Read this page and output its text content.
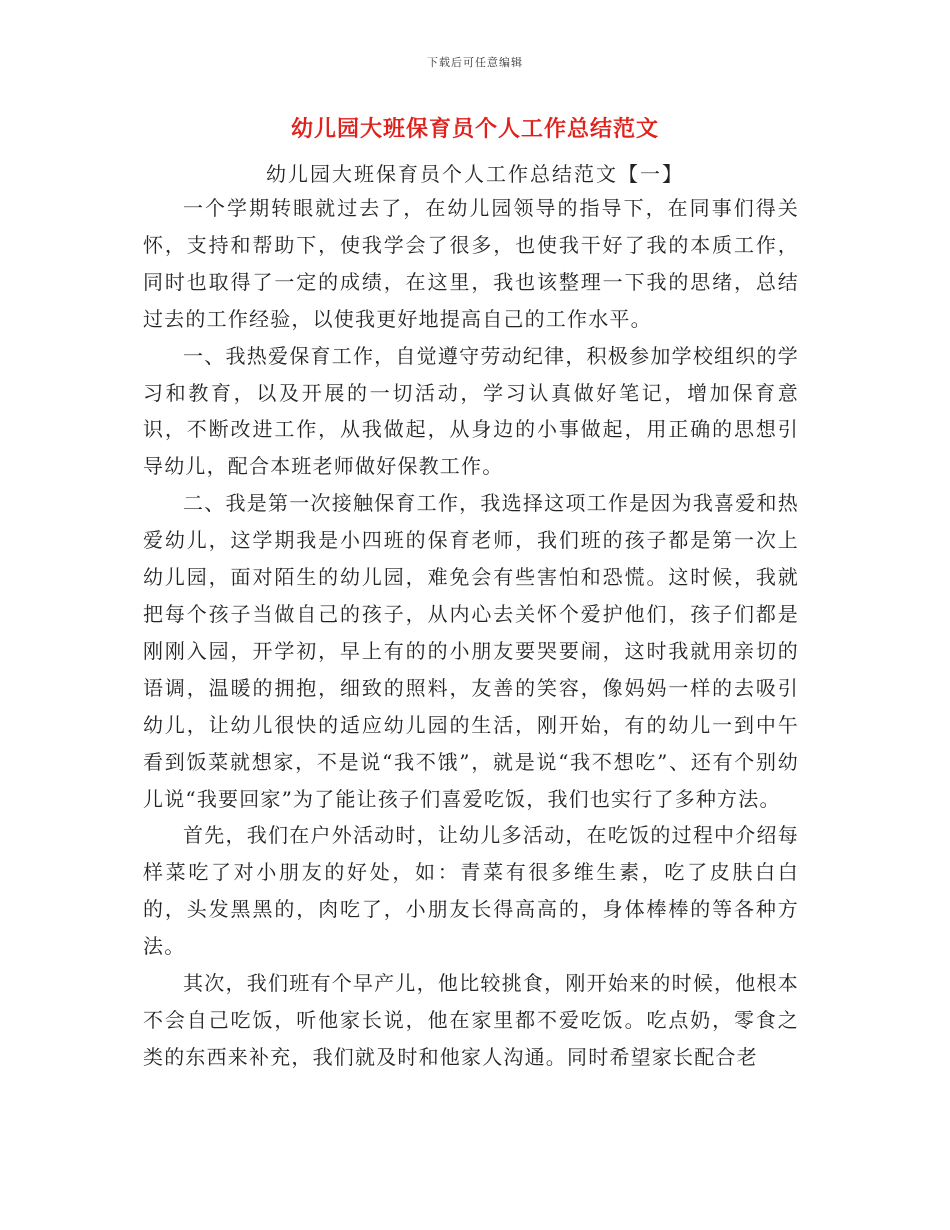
下载后可任意编辑
幼儿园大班保育员个人工作总结范文
幼儿园大班保育员个人工作总结范文【一】

一个学期转眼就过去了，在幼儿园领导的指导下，在同事们得关怀，支持和帮助下，使我学会了很多，也使我干好了我的本质工作，同时也取得了一定的成绩，在这里，我也该整理一下我的思绪，总结过去的工作经验，以使我更好地提高自己的工作水平。

一、我热爱保育工作，自觉遵守劳动纪律，积极参加学校组织的学习和教育，以及开展的一切活动，学习认真做好笔记，增加保育意识，不断改进工作，从我做起，从身边的小事做起，用正确的思想引导幼儿，配合本班老师做好保教工作。

二、我是第一次接触保育工作，我选择这项工作是因为我喜爱和热爱幼儿，这学期我是小四班的保育老师，我们班的孩子都是第一次上幼儿园，面对陌生的幼儿园，难免会有些害怕和恐慌。这时候，我就把每个孩子当做自己的孩子，从内心去关怀个爱护他们，孩子们都是刚刚入园，开学初，早上有的的小朋友要哭要闹，这时我就用亲切的语调，温暖的拥抱，细致的照料，友善的笑容，像妈妈一样的去吸引幼儿，让幼儿很快的适应幼儿园的生活，刚开始，有的幼儿一到中午看到饭菜就想家，不是说“我不饿”，就是说“我不想吃”、还有个别幼儿说“我要回家”为了能让孩子们喜爱吃饭，我们也实行了多种方法。

首先，我们在户外活动时，让幼儿多活动，在吃饭的过程中介绍每样菜吃了对小朋友的好处，如：青菜有很多维生素，吃了皮肤白白的，头发黑黑的，肉吃了，小朋友长得高高的，身体棒棒的等各种方法。

其次，我们班有个早产儿，他比较挑食，刚开始来的时候，他根本不会自己吃饭，听他家长说，他在家里都不爱吃饭。吃点奶，零食之类的东西来补充，我们就及时和他家人沟通。同时希望家长配合老
